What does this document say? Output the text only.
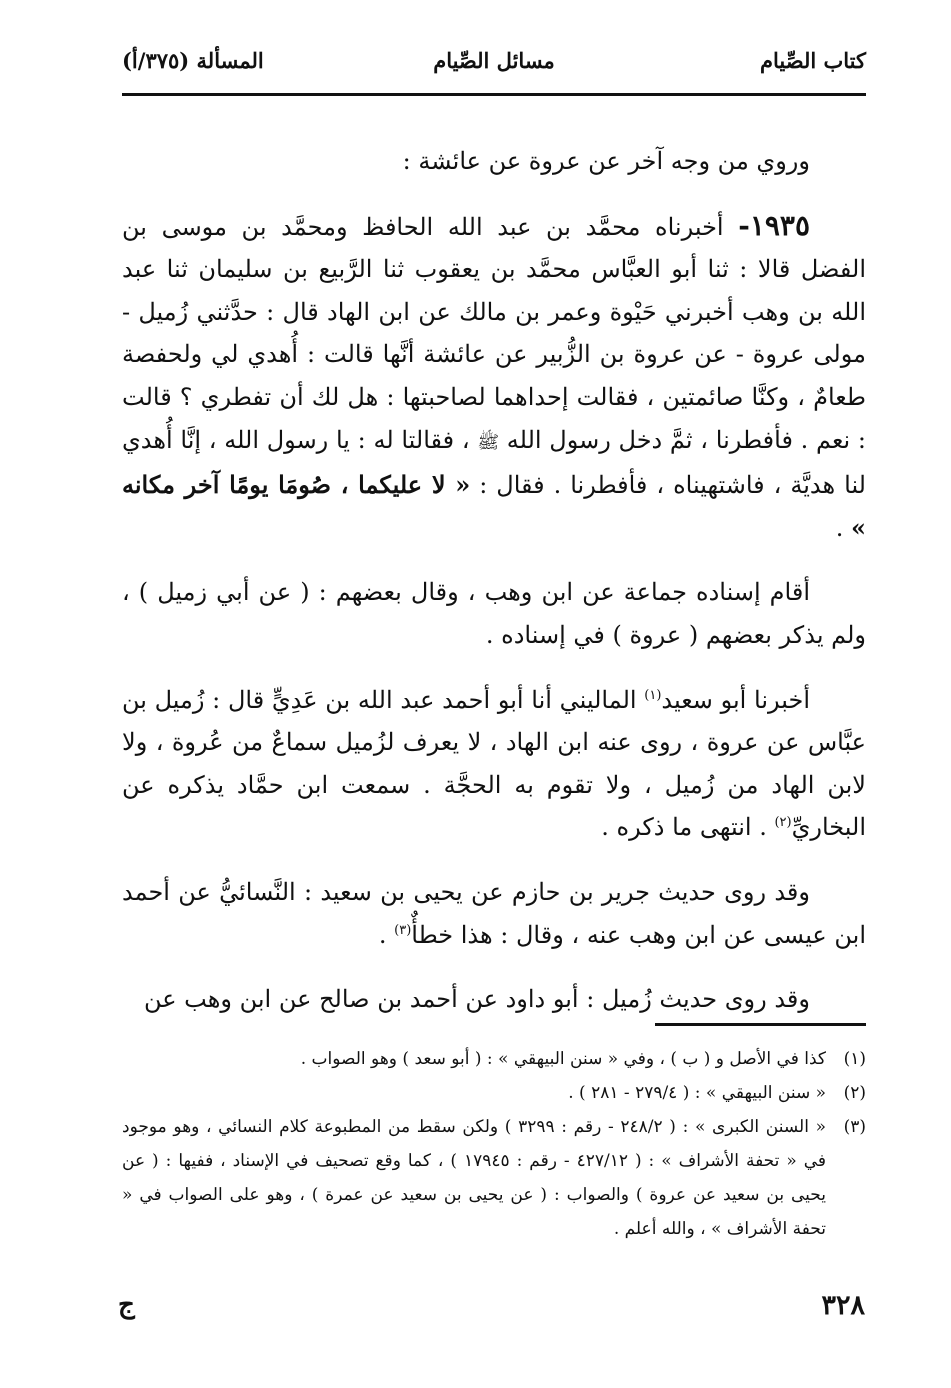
كتاب الصِّيام
مسائل الصِّيام
المسألة (٣٧٥/أ)

وروي من وجه آخر عن عروة عن عائشة :

١٩٣٥- أخبرناه محمَّد بن عبد الله الحافظ ومحمَّد بن موسى بن الفضل قالا : ثنا أبو العبَّاس محمَّد بن يعقوب ثنا الرَّبيع بن سليمان ثنا عبد الله بن وهب أخبرني حَيْوة وعمر بن مالك عن ابن الهاد قال : حدَّثني زُميل - مولى عروة - عن عروة بن الزُّبير عن عائشة أنَّها قالت : أُهدي لي ولحفصة طعامٌ ، وكنَّا صائمتين ، فقالت إحداهما لصاحبتها : هل لك أن تفطري ؟ قالت : نعم . فأفطرنا ، ثمَّ دخل رسول الله ﷺ ، فقالتا له : يا رسول الله ، إنَّا أُهدي لنا هديَّة ، فاشتهيناه ، فأفطرنا . فقال : « لا عليكما ، صُومَا يومًا آخر مكانه » .

أقام إسناده جماعة عن ابن وهب ، وقال بعضهم : ( عن أبي زميل ) ، ولم يذكر بعضهم ( عروة ) في إسناده .

أخبرنا أبو سعيد$^{(١)}$ الماليني أنا أبو أحمد عبد الله بن عَدِيٍّ قال : زُميل بن عبَّاس عن عروة ، روى عنه ابن الهاد ، لا يعرف لزُميل سماعٌ من عُروة ، ولا لابن الهاد من زُميل ، ولا تقوم به الحجَّة . سمعت ابن حمَّاد يذكره عن البخاريِّ$^{(٢)}$ . انتهى ما ذكره .

وقد روى حديث جرير بن حازم عن يحيى بن سعيد : النَّسائيُّ عن أحمد ابن عيسى عن ابن وهب عنه ، وقال : هذا خطأٌ$^{(٣)}$ .

وقد روى حديث زُميل : أبو داود عن أحمد بن صالح عن ابن وهب عن

(١)
كذا في الأصل و ( ب ) ، وفي « سنن البيهقي » : ( أبو سعد ) وهو الصواب .

(٢)
« سنن البيهقي » : ( ٢٧٩/٤ - ٢٨١ ) .

(٣)
« السنن الكبرى » : ( ٢٤٨/٢ - رقم : ٣٢٩٩ ) ولكن سقط من المطبوعة كلام النسائي ، وهو موجود في « تحفة الأشراف » : ( ٤٢٧/١٢ - رقم : ١٧٩٤٥ ) ، كما وقع تصحيف في الإسناد ، ففيها : ( عن يحيى بن سعيد عن عروة ) والصواب : ( عن يحيى بن سعيد عن عمرة ) ، وهو على الصواب في « تحفة الأشراف » ، والله أعلم .

ج	٣٢٨
